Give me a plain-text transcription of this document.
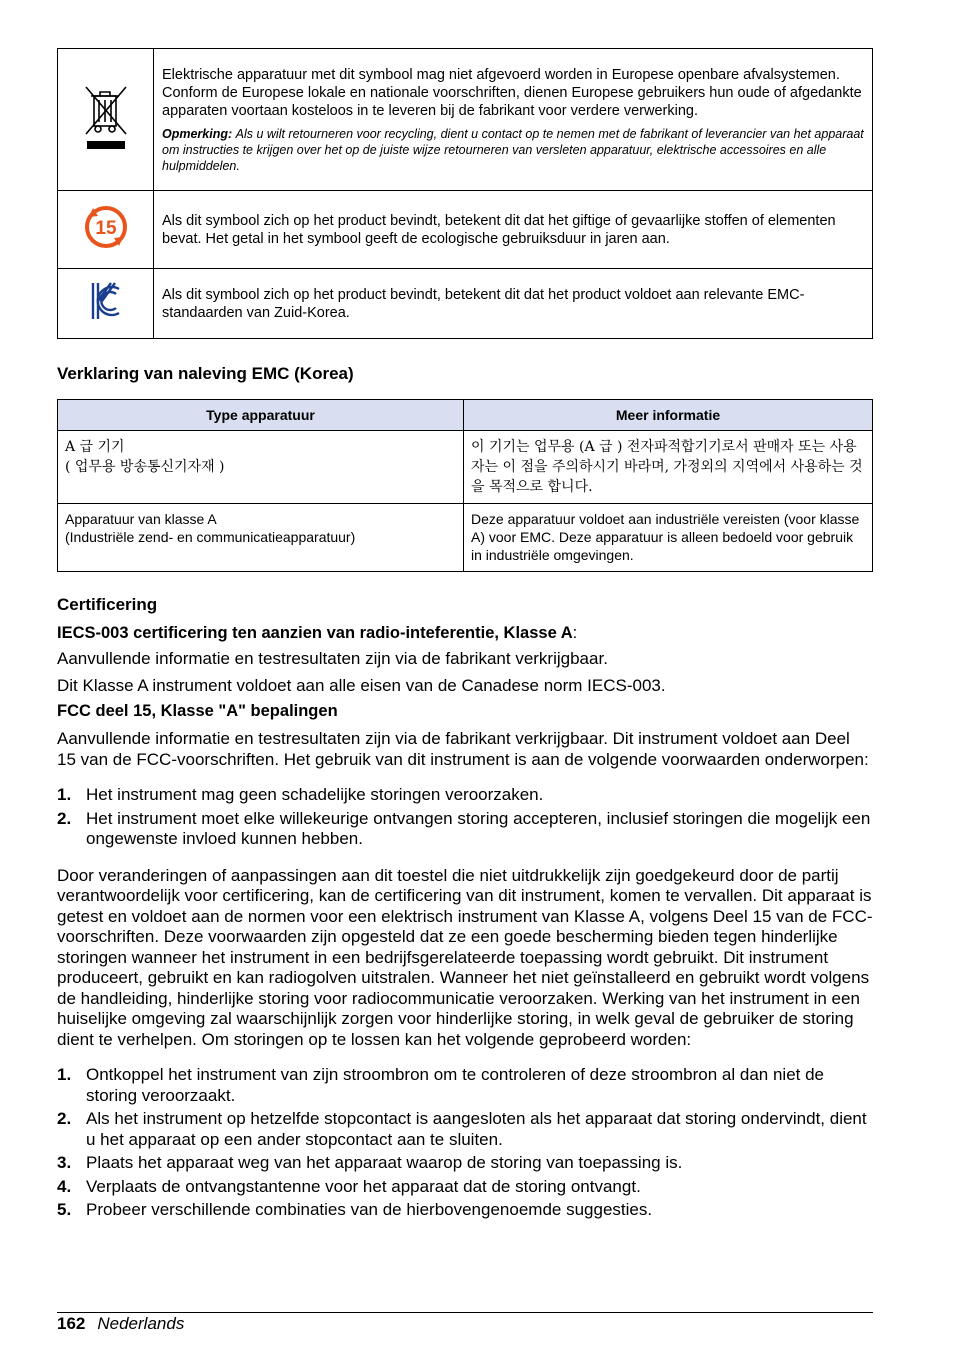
Elektrische apparatuur met dit symbool mag niet afgevoerd worden in Europese openbare afvalsystemen. Conform de Europese lokale en nationale voorschriften, dienen Europese gebruikers hun oude of afgedankte apparaten voortaan kosteloos in te leveren bij de fabrikant voor verdere verwerking.
Opmerking: Als u wilt retourneren voor recycling, dient u contact op te nemen met de fabrikant of leverancier van het apparaat om instructies te krijgen over het op de juiste wijze retourneren van versleten apparatuur, elektrische accessoires en alle hulpmiddelen.

15	Als dit symbool zich op het product bevindt, betekent dit dat het giftige of gevaarlijke stoffen of elementen bevat. Het getal in het symbool geeft de ecologische gebruiksduur in jaren aan.

Als dit symbool zich op het product bevindt, betekent dit dat het product voldoet aan relevante EMC-standaarden van Zuid-Korea.
Verklaring van naleving EMC (Korea)
Type apparatuur	Meer informatie

A 급 기기
( 업무용 방송통신기자재 )	이 기기는 업무용 (A 급 ) 전자파적합기기로서 판매자 또는 사용자는 이 점을 주의하시기 바라며, 가정외의 지역에서 사용하는 것을 목적으로 합니다.

Apparatuur van klasse A
(Industriële zend- en communicatieapparatuur)	Deze apparatuur voldoet aan industriële vereisten (voor klasse A) voor EMC. Deze apparatuur is alleen bedoeld voor gebruik in industriële omgevingen.
Certificering
IECS-003 certificering ten aanzien van radio-inteferentie, Klasse A:

Aanvullende informatie en testresultaten zijn via de fabrikant verkrijgbaar.

Dit Klasse A instrument voldoet aan alle eisen van de Canadese norm IECS-003.

FCC deel 15, Klasse "A" bepalingen

Aanvullende informatie en testresultaten zijn via de fabrikant verkrijgbaar. Dit instrument voldoet aan Deel 15 van de FCC-voorschriften. Het gebruik van dit instrument is aan de volgende voorwaarden onderworpen:

1. Het instrument mag geen schadelijke storingen veroorzaken.
2. Het instrument moet elke willekeurige ontvangen storing accepteren, inclusief storingen die mogelijk een ongewenste invloed kunnen hebben.

Door veranderingen of aanpassingen aan dit toestel die niet uitdrukkelijk zijn goedgekeurd door de partij verantwoordelijk voor certificering, kan de certificering van dit instrument, komen te vervallen. Dit apparaat is getest en voldoet aan de normen voor een elektrisch instrument van Klasse A, volgens Deel 15 van de FCC-voorschriften. Deze voorwaarden zijn opgesteld dat ze een goede bescherming bieden tegen hinderlijke storingen wanneer het instrument in een bedrijfsgerelateerde toepassing wordt gebruikt. Dit instrument produceert, gebruikt en kan radiogolven uitstralen. Wanneer het niet geïnstalleerd en gebruikt wordt volgens de handleiding, hinderlijke storing voor radiocommunicatie veroorzaken. Werking van het instrument in een huiselijke omgeving zal waarschijnlijk zorgen voor hinderlijke storing, in welk geval de gebruiker de storing dient te verhelpen. Om storingen op te lossen kan het volgende geprobeerd worden:

1. Ontkoppel het instrument van zijn stroombron om te controleren of deze stroombron al dan niet de storing veroorzaakt.
2. Als het instrument op hetzelfde stopcontact is aangesloten als het apparaat dat storing ondervindt, dient u het apparaat op een ander stopcontact aan te sluiten.
3. Plaats het apparaat weg van het apparaat waarop de storing van toepassing is.
4. Verplaats de ontvangstantenne voor het apparaat dat de storing ontvangt.
5. Probeer verschillende combinaties van de hierbovengenoemde suggesties.
162 Nederlands
